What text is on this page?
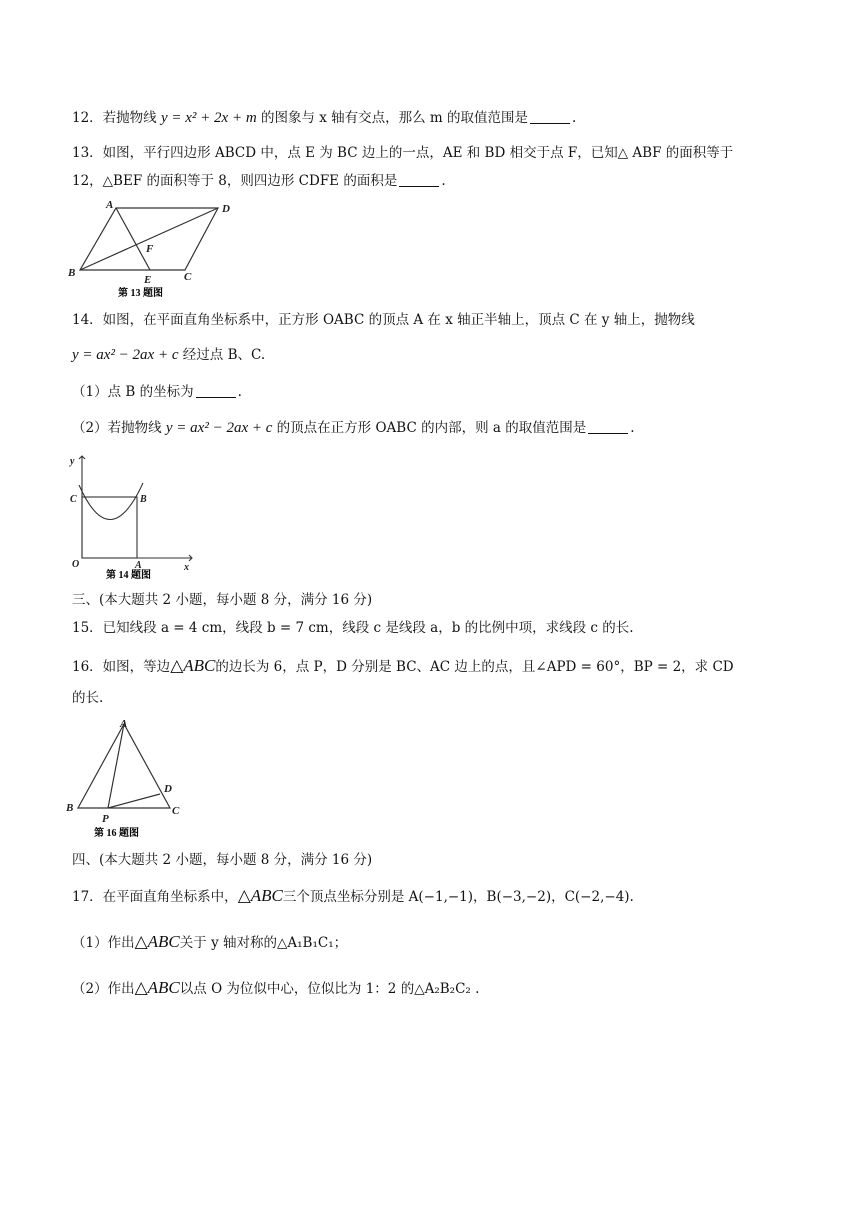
12．若抛物线 y = x² + 2x + m 的图象与 x 轴有交点，那么 m 的取值范围是	.
13．如图，平行四边形 ABCD 中，点 E 为 BC 边上的一点，AE 和 BD 相交于点 F，已知△ ABF 的面积等于
12，△BEF 的面积等于 8，则四边形 CDFE 的面积是	.
A	D
F
B
E	C
第 13 题图
14．如图，在平面直角坐标系中，正方形 OABC 的顶点 A 在 x 轴正半轴上，顶点 C 在 y 轴上，抛物线
y = ax² − 2ax + c 经过点 B、C.
（1）点 B 的坐标为	.
（2）若抛物线 y = ax² − 2ax + c 的顶点在正方形 OABC 的内部，则 a 的取值范围是	.
y
x
C	B
O	A
第 14 题图
三、(本大题共 2 小题，每小题 8 分，满分 16 分)
15．已知线段 a = 4 cm，线段 b = 7 cm，线段 c 是线段 a，b 的比例中项，求线段 c 的长.
16．如图，等边△ABC的边长为 6，点 P，D 分别是 BC、AC 边上的点，且∠APD = 60°，BP = 2，求 CD
的长.
A
B	C
D
P
第 16 题图
四、(本大题共 2 小题，每小题 8 分，满分 16 分)
17．在平面直角坐标系中，△ABC三个顶点坐标分别是 A(−1,−1)，B(−3,−2)，C(−2,−4).
（1）作出△ABC关于 y 轴对称的△A₁B₁C₁；
（2）作出△ABC以点 O 为位似中心，位似比为 1：2 的△A₂B₂C₂ .
